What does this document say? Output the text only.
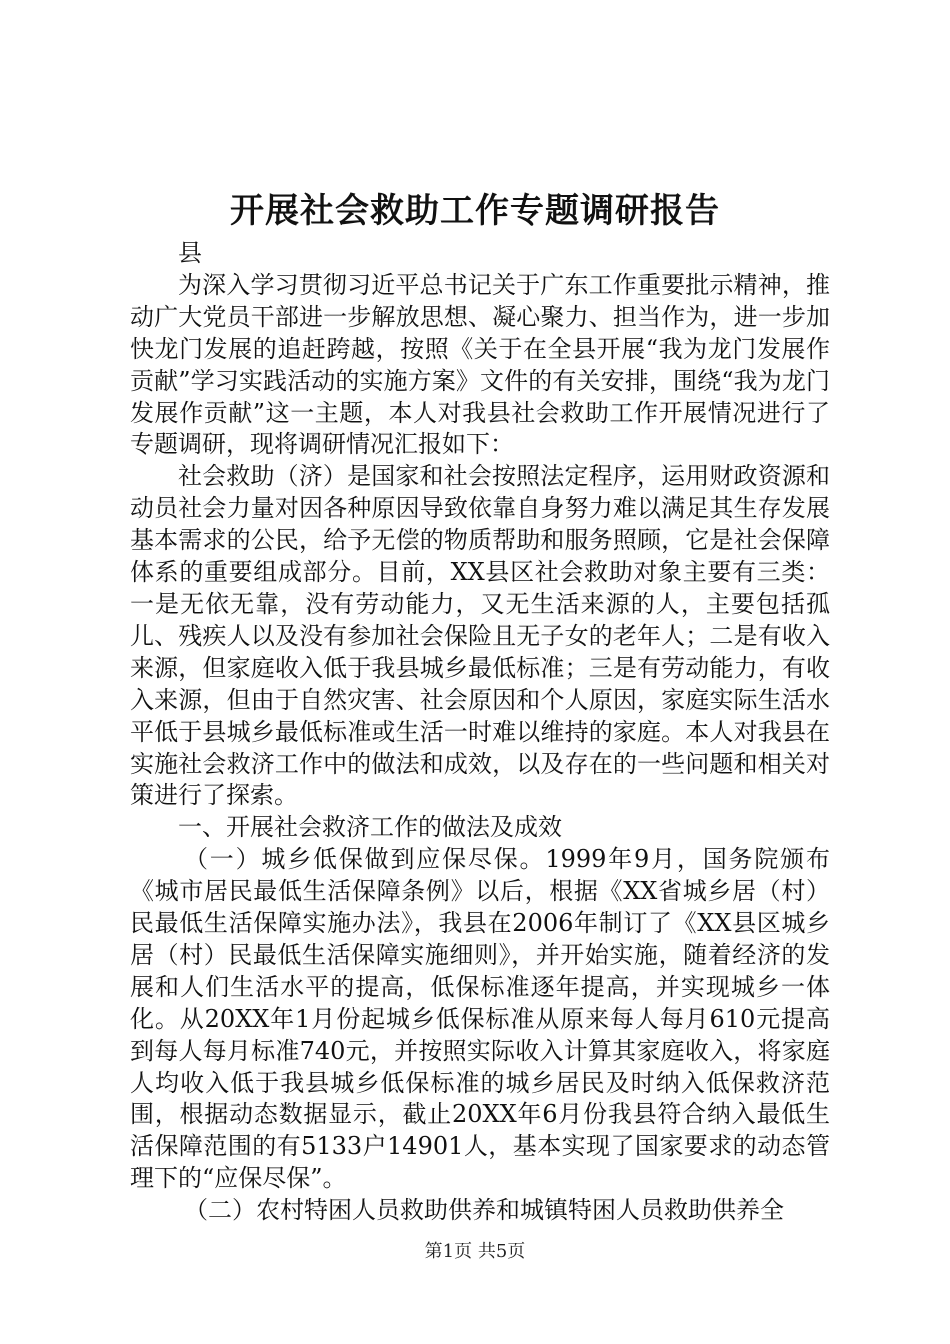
开展社会救助工作专题调研报告

县

为深入学习贯彻习近平总书记关于广东工作重要批示精神，推动广大党员干部进一步解放思想、凝心聚力、担当作为，进一步加快龙门发展的追赶跨越，按照《关于在全县开展“我为龙门发展作贡献”学习实践活动的实施方案》文件的有关安排，围绕“我为龙门发展作贡献”这一主题，本人对我县社会救助工作开展情况进行了专题调研，现将调研情况汇报如下：

社会救助（济）是国家和社会按照法定程序，运用财政资源和动员社会力量对因各种原因导致依靠自身努力难以满足其生存发展基本需求的公民，给予无偿的物质帮助和服务照顾，它是社会保障体系的重要组成部分。目前，XX县区社会救助对象主要有三类：一是无依无靠，没有劳动能力，又无生活来源的人，主要包括孤儿、残疾人以及没有参加社会保险且无子女的老年人；二是有收入来源，但家庭收入低于我县城乡最低标准；三是有劳动能力，有收入来源，但由于自然灾害、社会原因和个人原因，家庭实际生活水平低于县城乡最低标准或生活一时难以维持的家庭。本人对我县在实施社会救济工作中的做法和成效，以及存在的一些问题和相关对策进行了探索。

一、开展社会救济工作的做法及成效

（一）城乡低保做到应保尽保。1999年9月，国务院颁布《城市居民最低生活保障条例》以后，根据《XX省城乡居（村）民最低生活保障实施办法》，我县在2006年制订了《XX县区城乡居（村）民最低生活保障实施细则》，并开始实施，随着经济的发展和人们生活水平的提高，低保标准逐年提高，并实现城乡一体化。从20XX年1月份起城乡低保标准从原来每人每月610元提高到每人每月标准740元，并按照实际收入计算其家庭收入，将家庭人均收入低于我县城乡低保标准的城乡居民及时纳入低保救济范围，根据动态数据显示，截止20XX年6月份我县符合纳入最低生活保障范围的有5133户14901人，基本实现了国家要求的动态管理下的“应保尽保”。

（二）农村特困人员救助供养和城镇特困人员救助供养全

第1页 共5页
